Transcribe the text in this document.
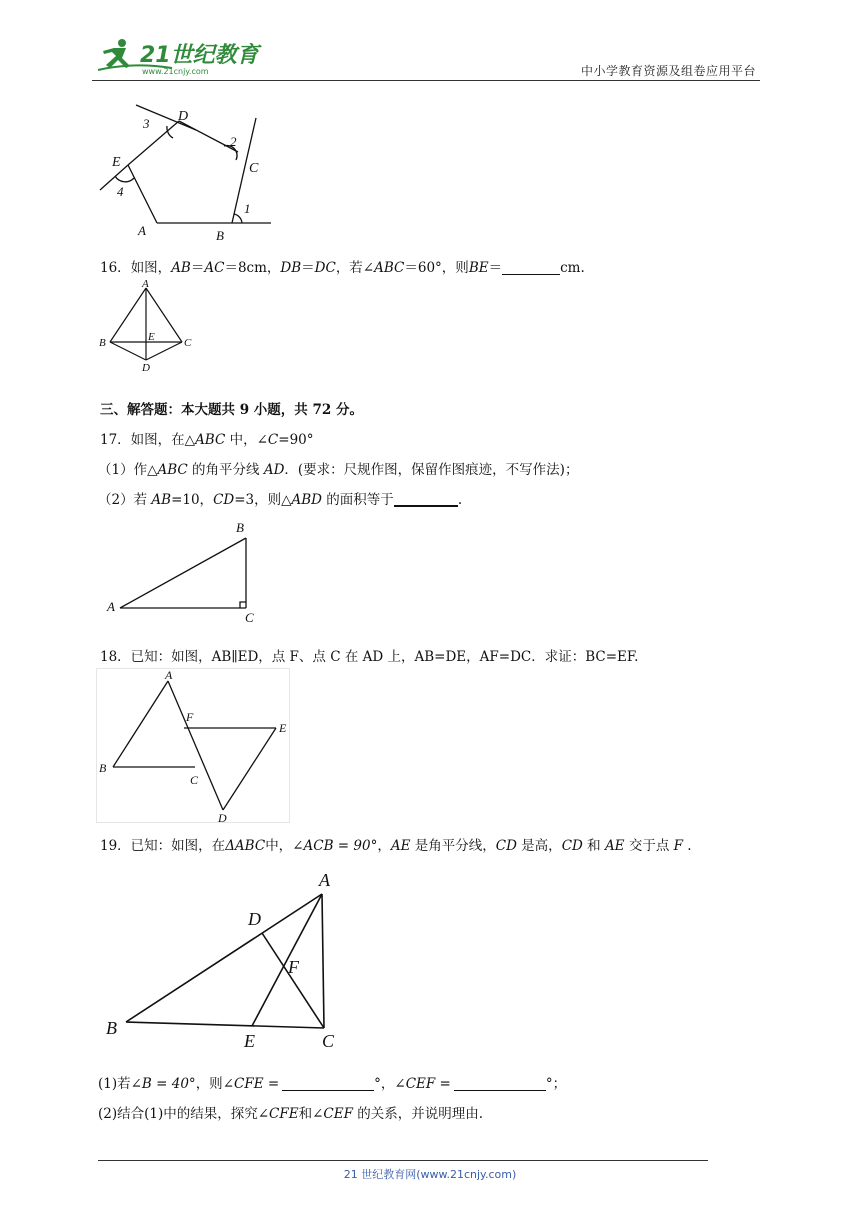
21世纪教育
www.21cnjy.com	中小学教育资源及组卷应用平台
D
C
E
A	B
1
2
3
4
16．如图，AB＝AC＝8cm，DB＝DC，若∠ABC＝60°，则BE＝	cm.
A
B	C
E
D
三、解答题：本大题共 9 小题，共 72 分。
17．如图，在△ABC 中，∠C=90°
（1）作△ABC 的角平分线 AD．(要求：尺规作图，保留作图痕迹，不写作法)；
（2）若 AB=10，CD=3，则△ABD 的面积等于	.
B
A
C
18．已知：如图，AB∥ED，点 F、点 C 在 AD 上，AB=DE，AF=DC．求证：BC=EF.
A
F
E
B
C
D
19．已知：如图，在ΔABC中，∠ACB = 90°，AE 是角平分线，CD 是高，CD 和 AE 交于点 F .
A
D
F
B
E	C
(1)若∠B = 40°，则∠CFE =	°，∠CEF =	°；
(2)结合(1)中的结果，探究∠CFE和∠CEF 的关系，并说明理由.
21 世纪教育网(www.21cnjy.com)
